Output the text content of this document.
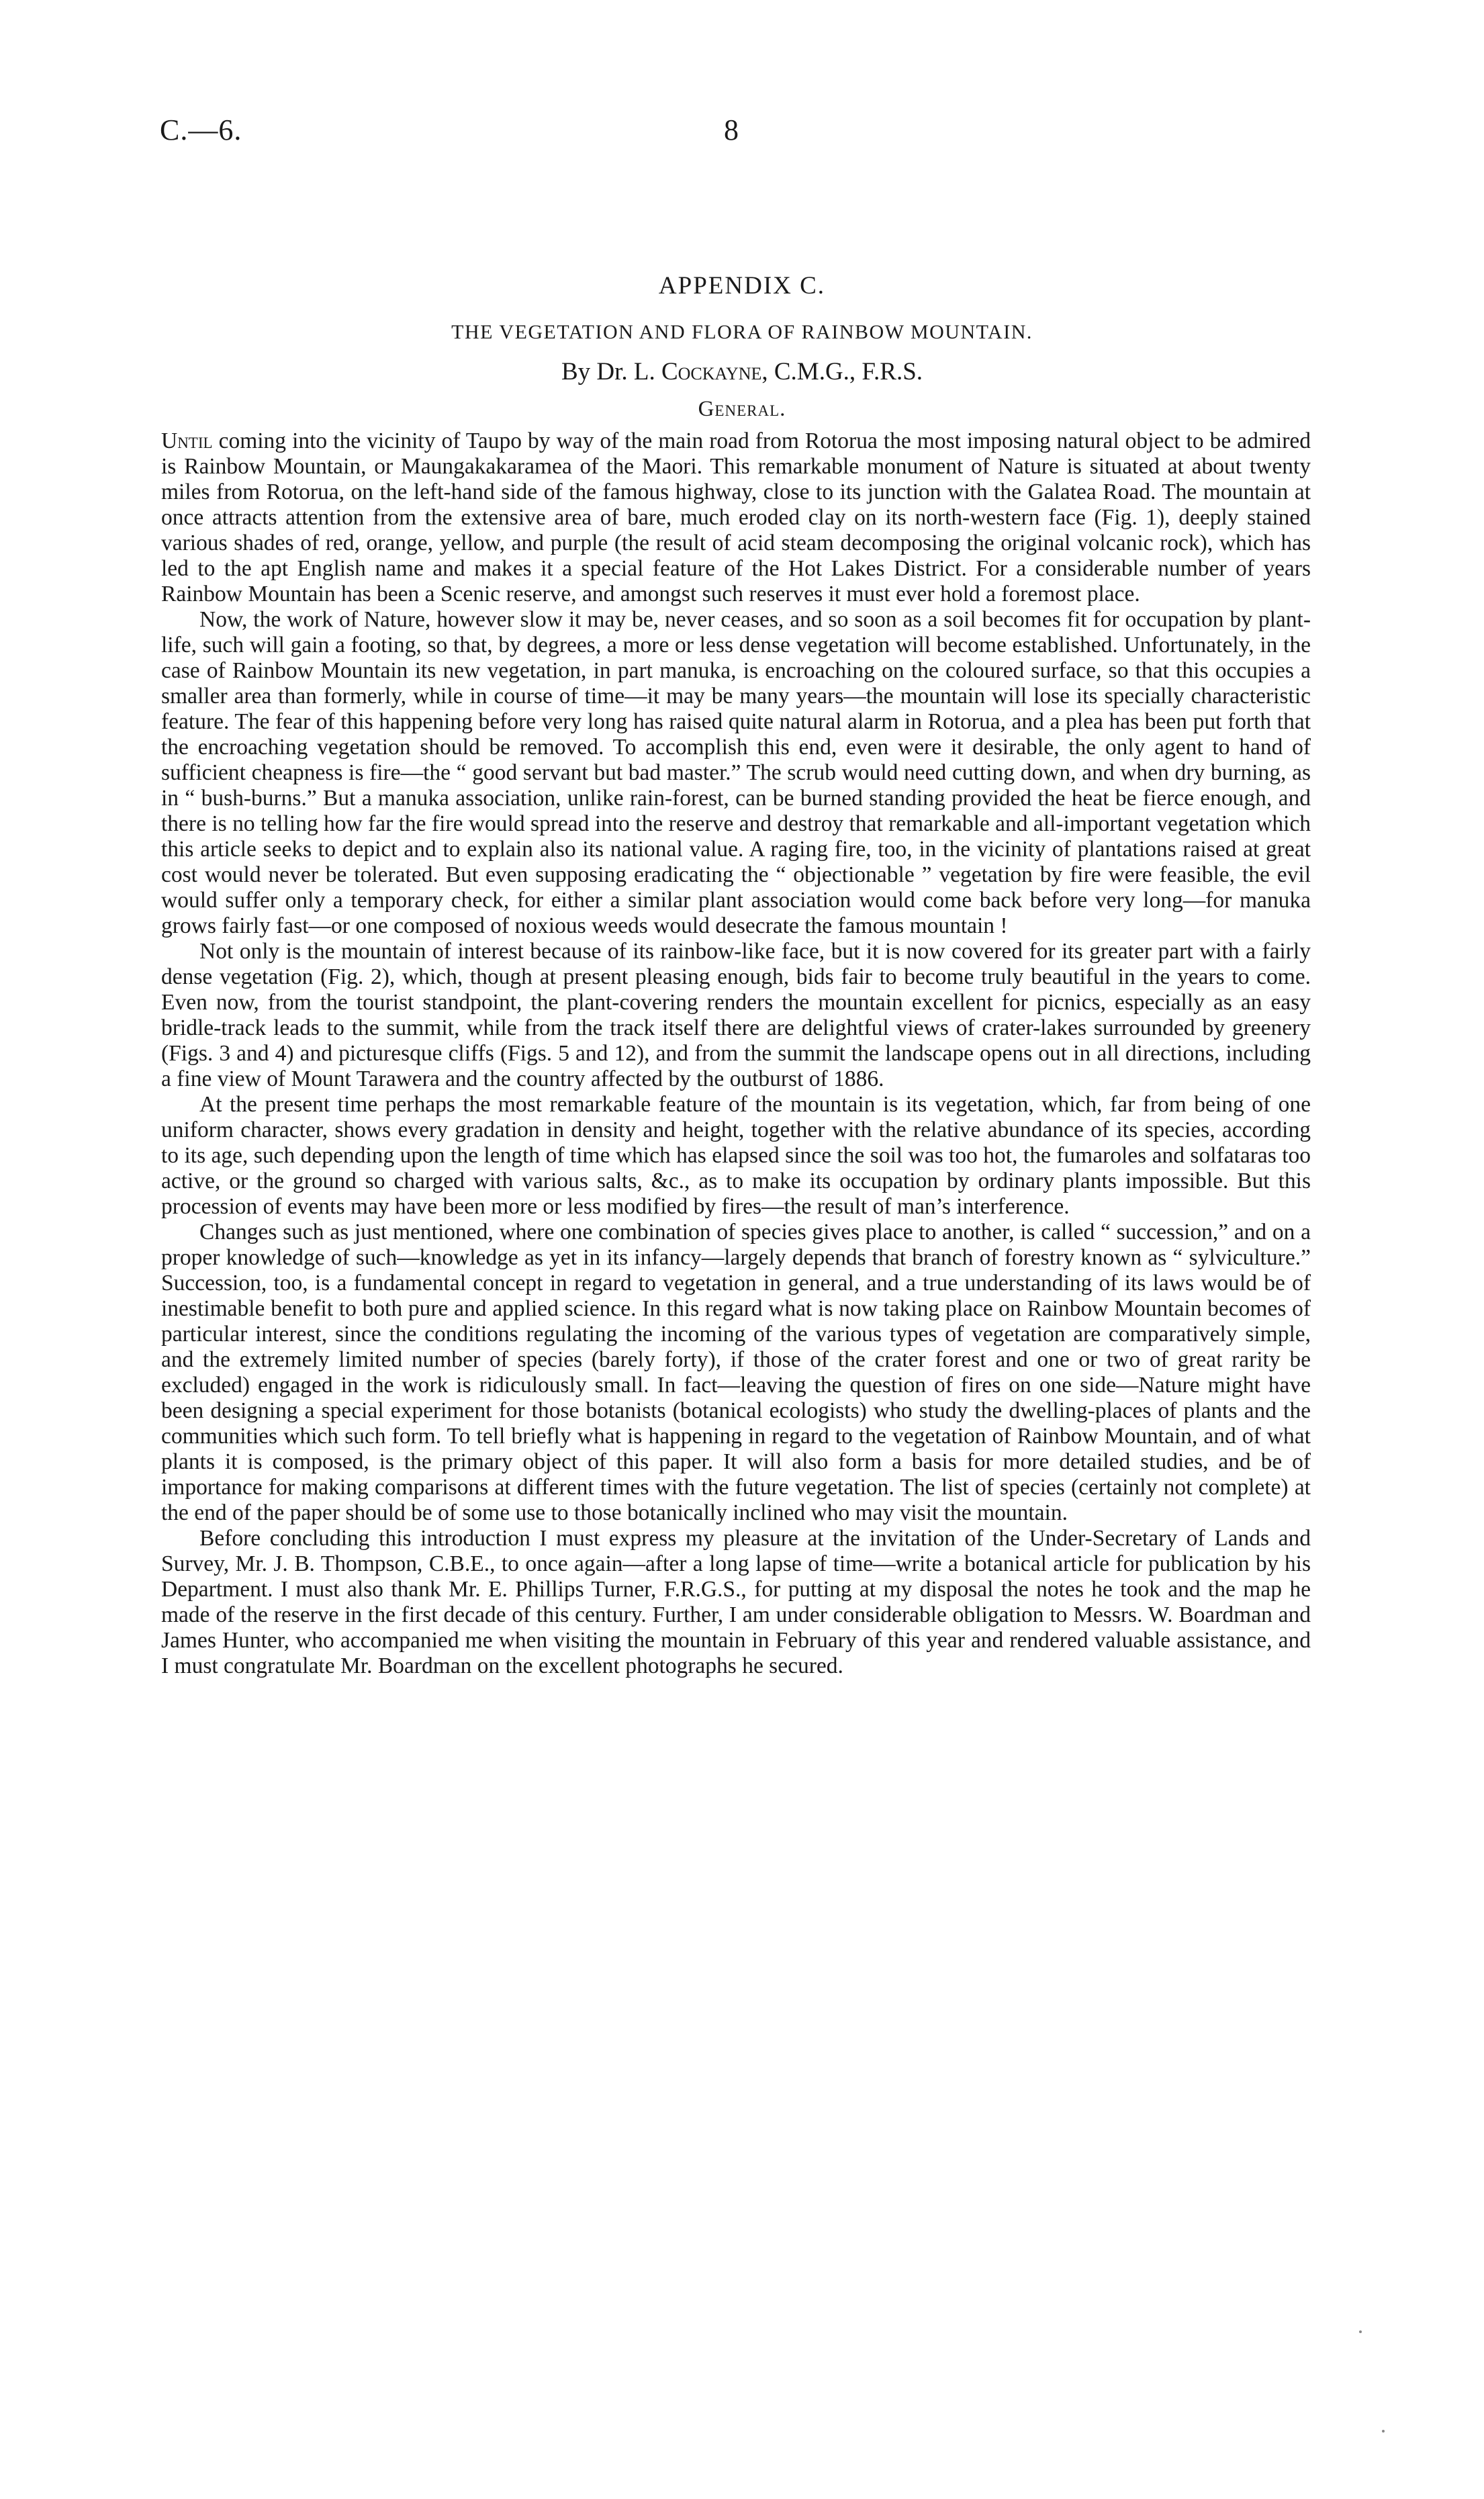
C.—6.	8
APPENDIX C.
THE VEGETATION AND FLORA OF RAINBOW MOUNTAIN.
By Dr. L. Cockayne, C.M.G., F.R.S.
General.

Until coming into the vicinity of Taupo by way of the main road from Rotorua the most imposing natural object to be admired is Rainbow Mountain, or Maungakakaramea of the Maori. This remarkable monument of Nature is situated at about twenty miles from Rotorua, on the left-hand side of the famous highway, close to its junction with the Galatea Road. The mountain at once attracts attention from the extensive area of bare, much eroded clay on its north-western face (Fig. 1), deeply stained various shades of red, orange, yellow, and purple (the result of acid steam decomposing the original volcanic rock), which has led to the apt English name and makes it a special feature of the Hot Lakes District. For a considerable number of years Rainbow Mountain has been a Scenic reserve, and amongst such reserves it must ever hold a foremost place.

Now, the work of Nature, however slow it may be, never ceases, and so soon as a soil becomes fit for occupation by plant-life, such will gain a footing, so that, by degrees, a more or less dense vegetation will become established. Unfortunately, in the case of Rainbow Mountain its new vegetation, in part manuka, is encroaching on the coloured surface, so that this occupies a smaller area than formerly, while in course of time—it may be many years—the mountain will lose its specially characteristic feature. The fear of this happening before very long has raised quite natural alarm in Rotorua, and a plea has been put forth that the encroaching vegetation should be removed. To accomplish this end, even were it desirable, the only agent to hand of sufficient cheapness is fire—the “ good servant but bad master.” The scrub would need cutting down, and when dry burning, as in “ bush-burns.” But a manuka association, unlike rain-forest, can be burned standing provided the heat be fierce enough, and there is no telling how far the fire would spread into the reserve and destroy that remarkable and all-important vegetation which this article seeks to depict and to explain also its national value. A raging fire, too, in the vicinity of plantations raised at great cost would never be tolerated. But even supposing eradicating the “ objectionable ” vegetation by fire were feasible, the evil would suffer only a temporary check, for either a similar plant association would come back before very long—for manuka grows fairly fast—or one composed of noxious weeds would desecrate the famous mountain !

Not only is the mountain of interest because of its rainbow-like face, but it is now covered for its greater part with a fairly dense vegetation (Fig. 2), which, though at present pleasing enough, bids fair to become truly beautiful in the years to come. Even now, from the tourist standpoint, the plant-covering renders the mountain excellent for picnics, especially as an easy bridle-track leads to the summit, while from the track itself there are delightful views of crater-lakes surrounded by greenery (Figs. 3 and 4) and picturesque cliffs (Figs. 5 and 12), and from the summit the landscape opens out in all directions, including a fine view of Mount Tarawera and the country affected by the outburst of 1886.

At the present time perhaps the most remarkable feature of the mountain is its vegetation, which, far from being of one uniform character, shows every gradation in density and height, together with the relative abundance of its species, according to its age, such depending upon the length of time which has elapsed since the soil was too hot, the fumaroles and solfataras too active, or the ground so charged with various salts, &c., as to make its occupation by ordinary plants impossible. But this procession of events may have been more or less modified by fires—the result of man’s interference.

Changes such as just mentioned, where one combination of species gives place to another, is called “ succession,” and on a proper knowledge of such—knowledge as yet in its infancy—largely depends that branch of forestry known as “ sylviculture.” Succession, too, is a fundamental concept in regard to vegetation in general, and a true understanding of its laws would be of inestimable benefit to both pure and applied science. In this regard what is now taking place on Rainbow Mountain becomes of particular interest, since the conditions regulating the incoming of the various types of vegetation are comparatively simple, and the extremely limited number of species (barely forty), if those of the crater forest and one or two of great rarity be excluded) engaged in the work is ridiculously small. In fact—leaving the question of fires on one side—Nature might have been designing a special experiment for those botanists (botanical ecologists) who study the dwelling-places of plants and the communities which such form. To tell briefly what is happening in regard to the vegetation of Rainbow Mountain, and of what plants it is composed, is the primary object of this paper. It will also form a basis for more detailed studies, and be of importance for making comparisons at different times with the future vegetation. The list of species (certainly not complete) at the end of the paper should be of some use to those botanically inclined who may visit the mountain.

Before concluding this introduction I must express my pleasure at the invitation of the Under-Secretary of Lands and Survey, Mr. J. B. Thompson, C.B.E., to once again—after a long lapse of time—write a botanical article for publication by his Department. I must also thank Mr. E. Phillips Turner, F.R.G.S., for putting at my disposal the notes he took and the map he made of the reserve in the first decade of this century. Further, I am under considerable obligation to Messrs. W. Boardman and James Hunter, who accompanied me when visiting the mountain in February of this year and rendered valuable assistance, and I must congratulate Mr. Boardman on the excellent photographs he secured.
